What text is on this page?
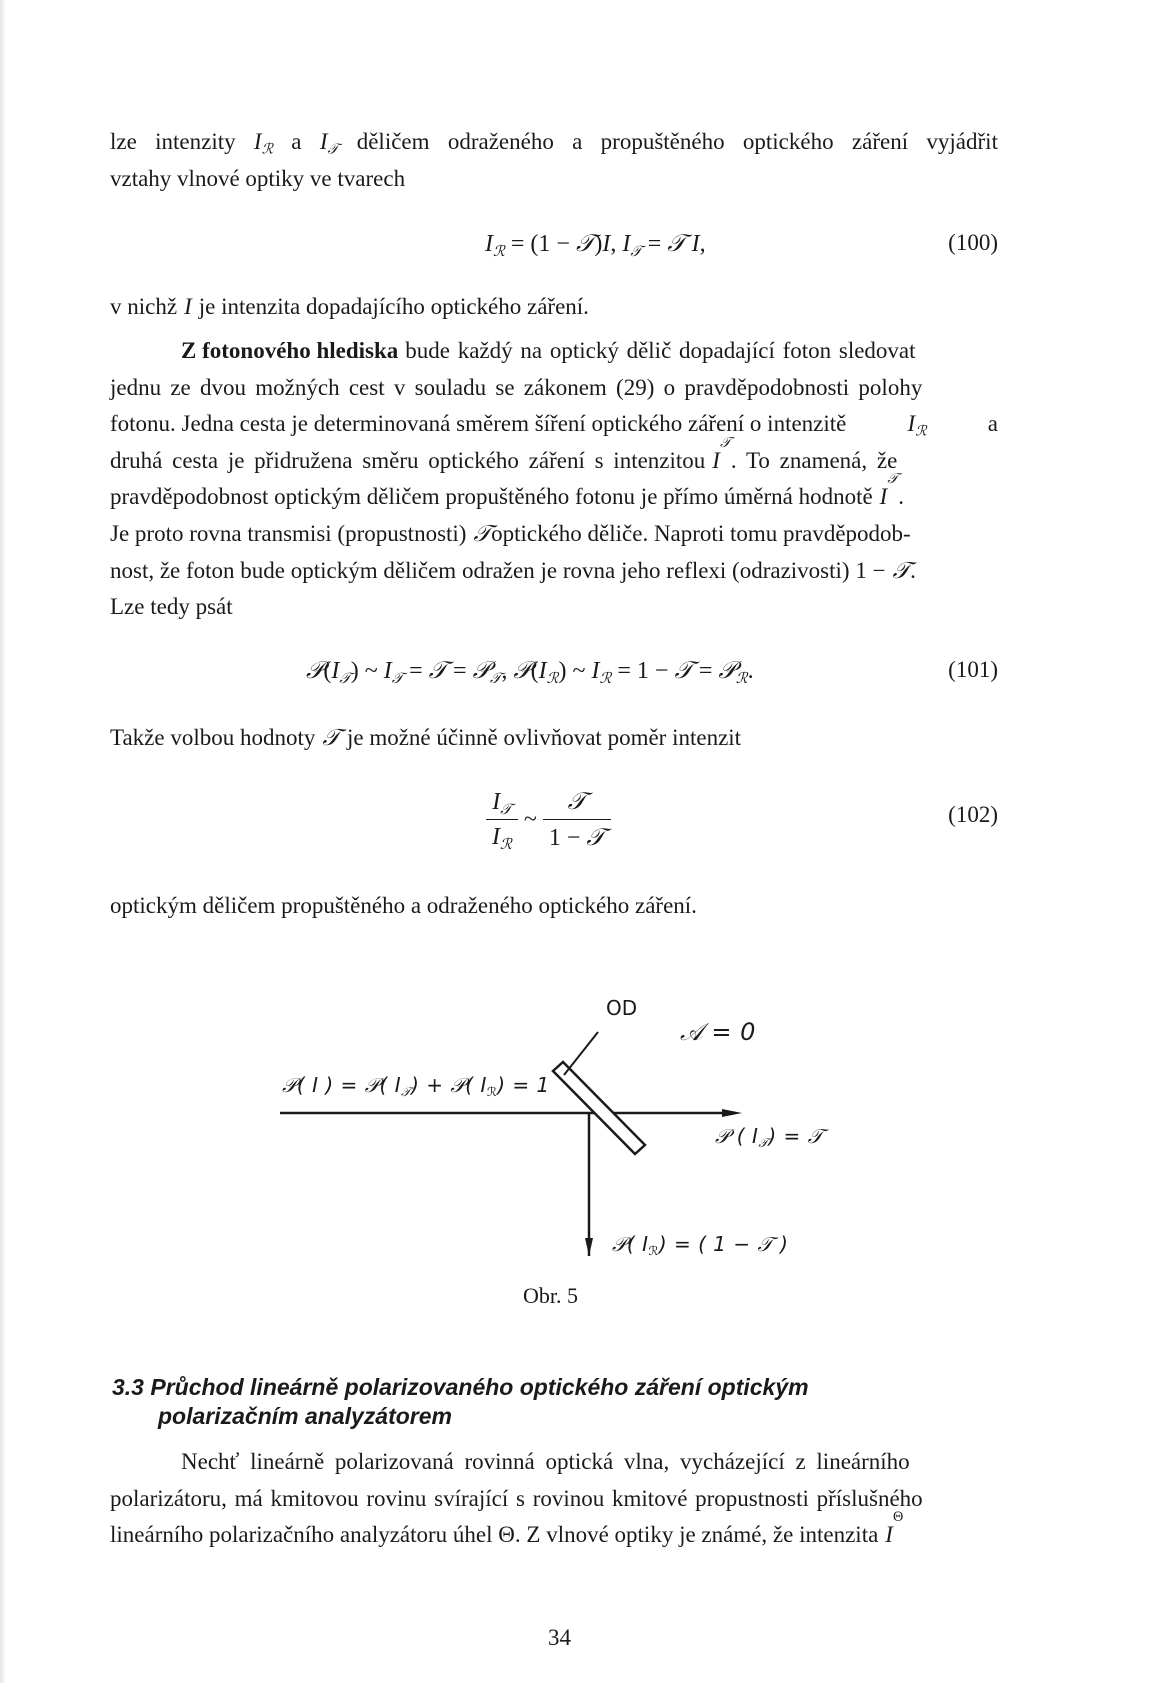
lze intenzity $I_ℛ$ a $I_𝒯$ děličem odraženého a propuštěného optického záření vyjádřit
vztahy vlnové optiky ve tvarech
$I_ℛ = (1$ − 𝒯)I, $I_𝒯$ = 𝒯 I,	(100)
v nichž I je intenzita dopadajícího optického záření.
Z fotonového hlediska bude každý na optický dělič dopadající foton sledovat
jednu ze dvou možných cest v souladu se zákonem (29) o pravděpodobnosti polohy
fotonu. Jedna cesta je determinovaná směrem šíření optického záření o intenzitě	$I_ℛ$	a
druhá cesta je přidružena směru optického záření s intenzitou I
𝒯
. To znamená, že
pravděpodobnost optickým děličem propuštěného fotonu je přímo úměrná hodnotě I
𝒯
.
Je proto rovna transmisi (propustnosti) 𝒯 optického děliče. Naproti tomu pravděpodob-
nost, že foton bude optickým děličem odražen je rovna jeho reflexi (odrazivosti) 1 − 𝒯 .
Lze tedy psát
$𝒫(I_𝒯)$ ~ $I_𝒯$ = 𝒯 = 𝒫$_𝒯$, $𝒫(I_ℛ)$ ~ $I_ℛ = 1$ − 𝒯 = 𝒫$_ℛ$.	(101)
Takže volbou hodnoty 𝒯 je možné účinně ovlivňovat poměr intenzit
$\frac{I_𝒯}{I_ℛ}$ ~ $\frac{\text{𝒯}}{\text{1 − 𝒯}}$	(102)
optickým děličem propuštěného a odraženého optického záření.
OD
𝒜 = 0
𝒫( I ) = 𝒫( $I_𝒯$) + 𝒫( $I_ℛ) = 1$
𝒫 ( $I_𝒯$) = 𝒯
𝒫( $I_ℛ$) = ( 1 − 𝒯 )
Obr. 5
3.3 Průchod lineárně polarizovaného optického záření optickým
polarizačním analyzátorem
Nechť lineárně polarizovaná rovinná optická vlna, vycházející z lineárního
polarizátoru, má kmitovou rovinu svírající s rovinou kmitové propustnosti příslušného
lineárního polarizačního analyzátoru úhel Θ. Z vlnové optiky je známé, že intenzita I
Θ
34
